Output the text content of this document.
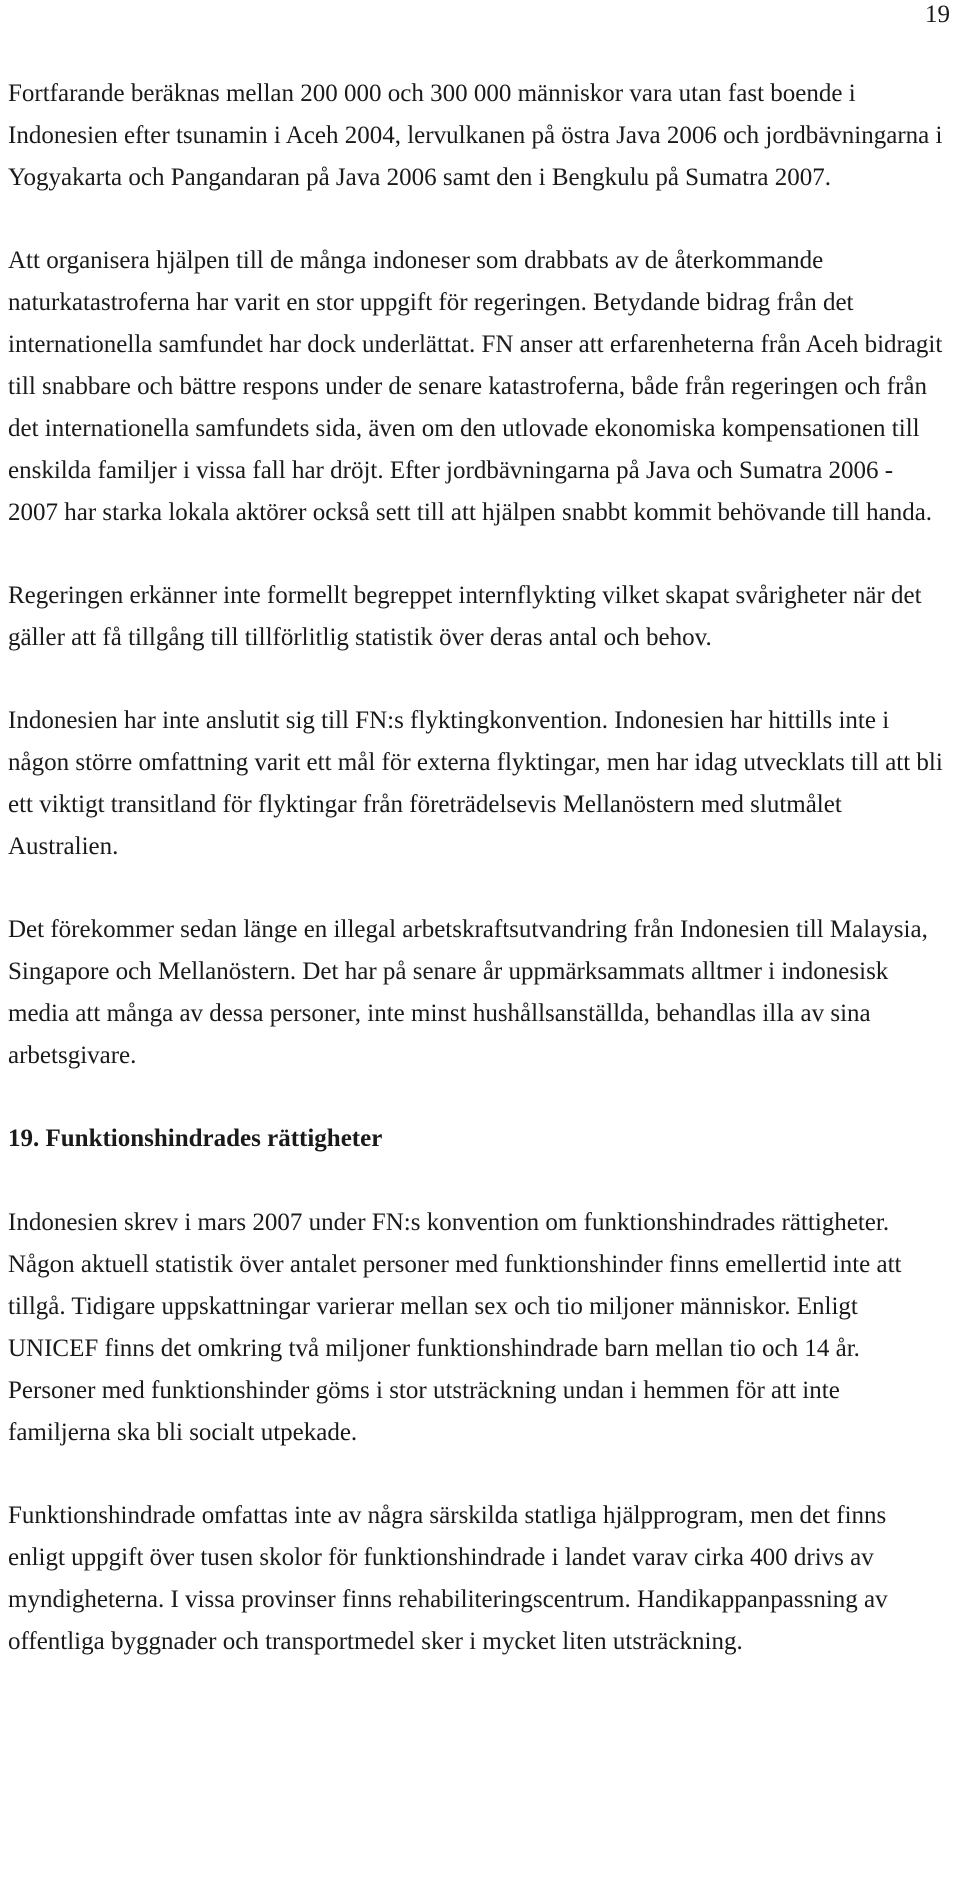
19

Fortfarande beräknas mellan 200 000 och 300 000 människor vara utan fast boende i Indonesien efter tsunamin i Aceh 2004, lervulkanen på östra Java 2006 och jordbävningarna i Yogyakarta och Pangandaran på Java 2006 samt den i Bengkulu på Sumatra 2007.

Att organisera hjälpen till de många indoneser som drabbats av de återkommande naturkatastroferna har varit en stor uppgift för regeringen. Betydande bidrag från det internationella samfundet har dock underlättat. FN anser att erfarenheterna från Aceh bidragit till snabbare och bättre respons under de senare katastroferna, både från regeringen och från det internationella samfundets sida, även om den utlovade ekonomiska kompensationen till enskilda familjer i vissa fall har dröjt. Efter jordbävningarna på Java och Sumatra 2006 - 2007 har starka lokala aktörer också sett till att hjälpen snabbt kommit behövande till handa.

Regeringen erkänner inte formellt begreppet internflykting vilket skapat svårigheter när det gäller att få tillgång till tillförlitlig statistik över deras antal och behov.

Indonesien har inte anslutit sig till FN:s flyktingkonvention. Indonesien har hittills inte i någon större omfattning varit ett mål för externa flyktingar, men har idag utvecklats till att bli ett viktigt transitland för flyktingar från företrädelsevis Mellanöstern med slutmålet Australien.

Det förekommer sedan länge en illegal arbetskraftsutvandring från Indonesien till Malaysia, Singapore och Mellanöstern. Det har på senare år uppmärksammats alltmer i indonesisk media att många av dessa personer, inte minst hushållsanställda, behandlas illa av sina arbetsgivare.

19. Funktionshindrades rättigheter

Indonesien skrev i mars 2007 under FN:s konvention om funktionshindrades rättigheter. Någon aktuell statistik över antalet personer med funktionshinder finns emellertid inte att tillgå. Tidigare uppskattningar varierar mellan sex och tio miljoner människor. Enligt UNICEF finns det omkring två miljoner funktionshindrade barn mellan tio och 14 år. Personer med funktionshinder göms i stor utsträckning undan i hemmen för att inte familjerna ska bli socialt utpekade.

Funktionshindrade omfattas inte av några särskilda statliga hjälpprogram, men det finns enligt uppgift över tusen skolor för funktionshindrade i landet varav cirka 400 drivs av myndigheterna. I vissa provinser finns rehabiliteringscentrum. Handikappanpassning av offentliga byggnader och transportmedel sker i mycket liten utsträckning.
